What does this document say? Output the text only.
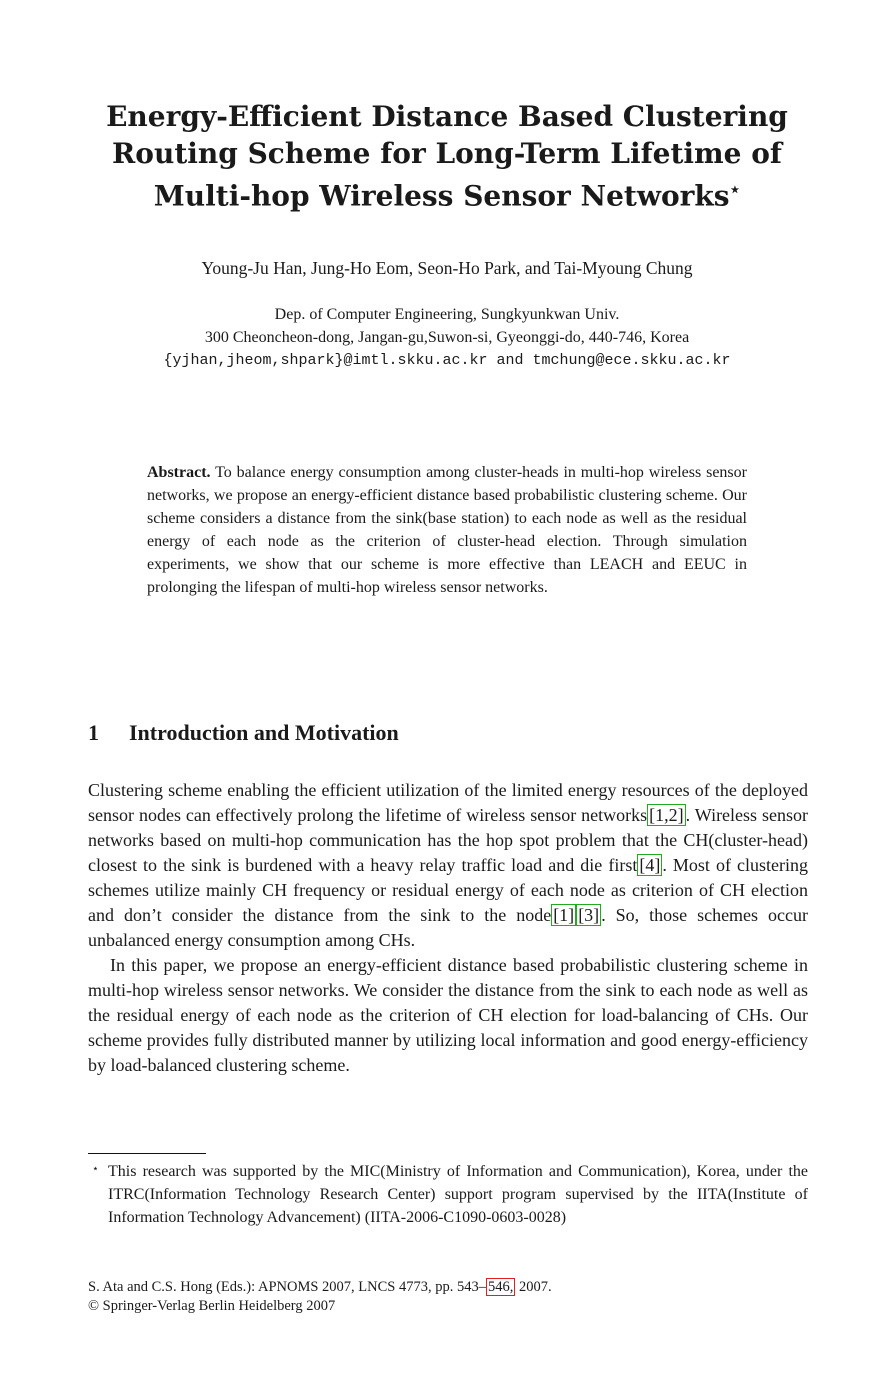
Energy-Efficient Distance Based Clustering
Routing Scheme for Long-Term Lifetime of
Multi-hop Wireless Sensor Networks⋆
Young-Ju Han, Jung-Ho Eom, Seon-Ho Park, and Tai-Myoung Chung
Dep. of Computer Engineering, Sungkyunkwan Univ.
300 Cheoncheon-dong, Jangan-gu,Suwon-si, Gyeonggi-do, 440-746, Korea
{yjhan,jheom,shpark}@imtl.skku.ac.kr and tmchung@ece.skku.ac.kr
Abstract. To balance energy consumption among cluster-heads in multi-hop wireless sensor networks, we propose an energy-efficient distance based probabilistic clustering scheme. Our scheme considers a distance from the sink(base station) to each node as well as the residual energy of each node as the criterion of cluster-head election. Through simulation experiments, we show that our scheme is more effective than LEACH and EEUC in prolonging the lifespan of multi-hop wireless sensor networks.
1 Introduction and Motivation

Clustering scheme enabling the efficient utilization of the limited energy resources of the deployed sensor nodes can effectively prolong the lifetime of wireless sensor networks [1,2] . Wireless sensor networks based on multi-hop communication has the hop spot problem that the CH(cluster-head) closest to the sink is burdened with a heavy relay traffic load and die first [4] . Most of clustering schemes utilize mainly CH frequency or residual energy of each node as criterion of CH election and don’t consider the distance from the sink to the node [1] [3] . So, those schemes occur unbalanced energy consumption among CHs.

In this paper, we propose an energy-efficient distance based probabilistic clustering scheme in multi-hop wireless sensor networks. We consider the distance from the sink to each node as well as the residual energy of each node as the criterion of CH election for load-balancing of CHs. Our scheme provides fully distributed manner by utilizing local information and good energy-efficiency by load-balanced clustering scheme.

⋆ This research was supported by the MIC(Ministry of Information and Communication), Korea, under the ITRC(Information Technology Research Center) support program supervised by the IITA(Institute of Information Technology Advancement) (IITA-2006-C1090-0603-0028)
S. Ata and C.S. Hong (Eds.): APNOMS 2007, LNCS 4773, pp. 543– 546, 2007.
© Springer-Verlag Berlin Heidelberg 2007
